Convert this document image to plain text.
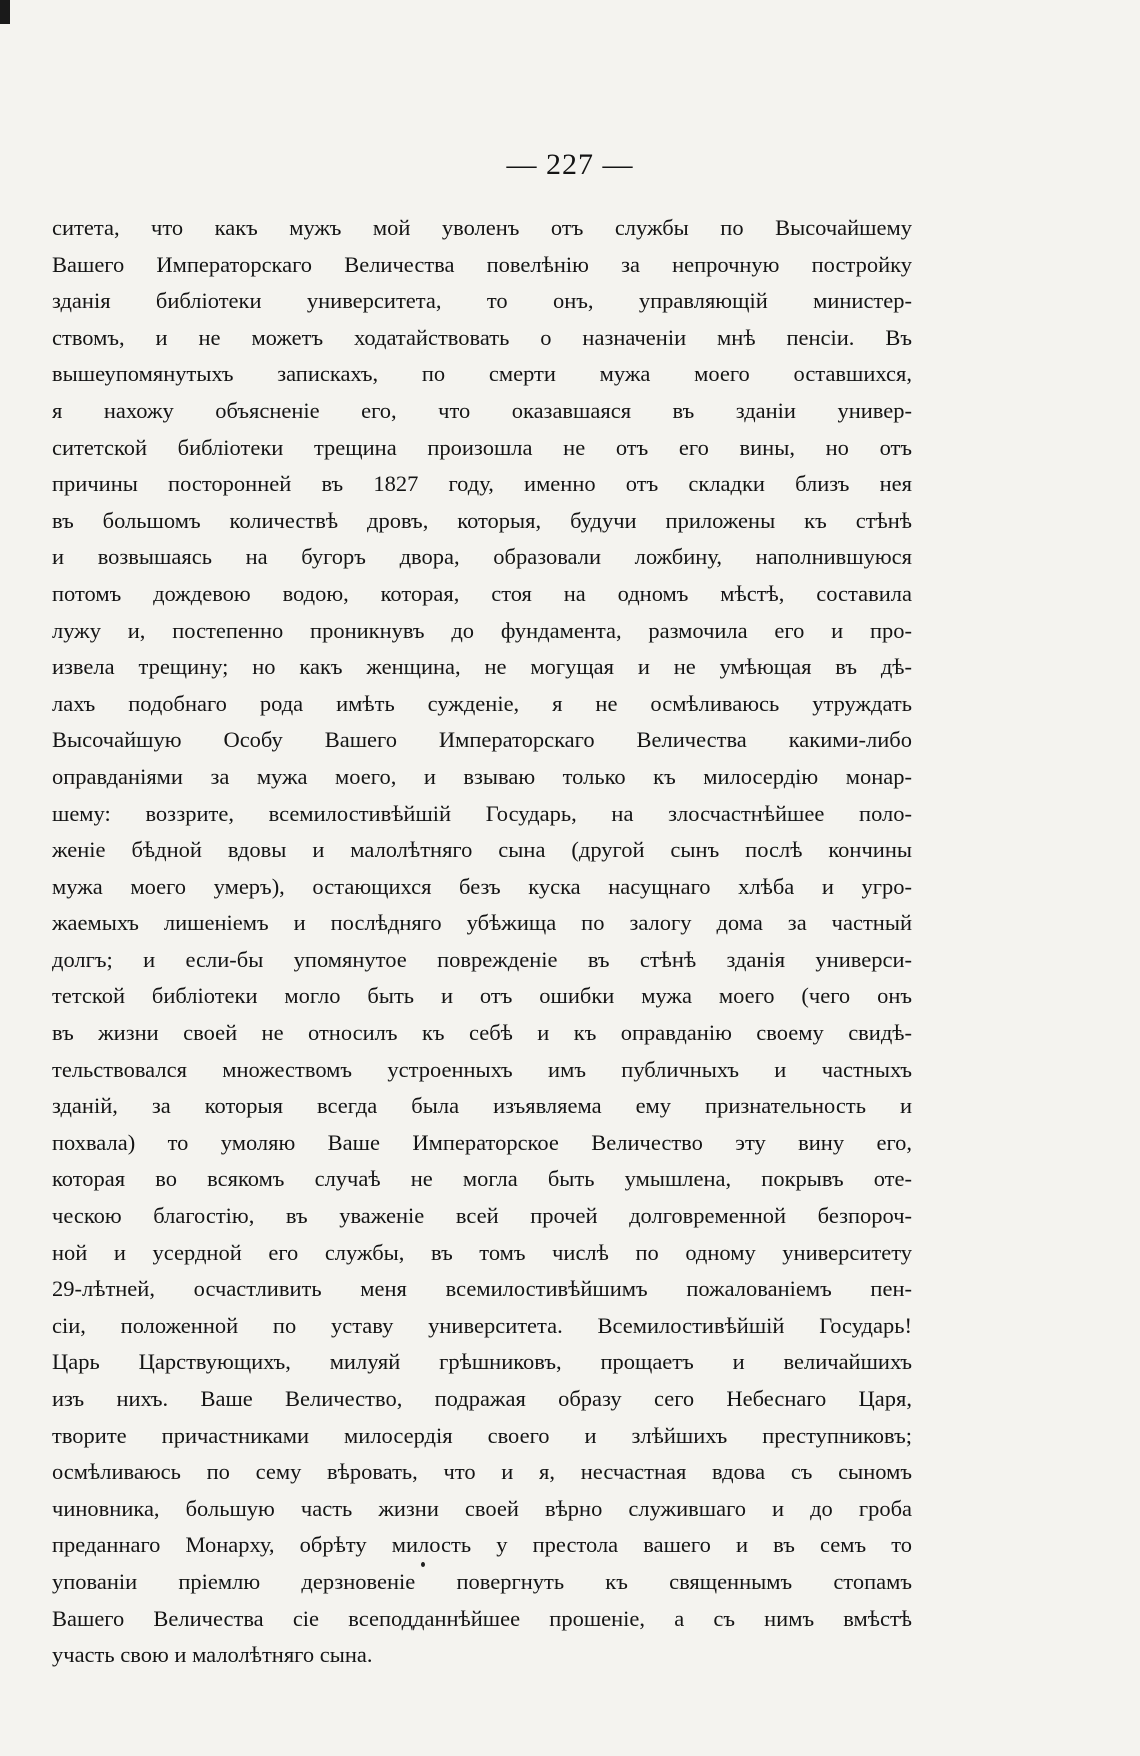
— 227 —
ситета, что какъ мужъ мой уволенъ отъ службы по Высочайшему
Вашего Императорскаго Величества повелѣнію за непрочную постройку
зданія библіотеки университета, то онъ, управляющій министер-
ствомъ, и не можетъ ходатайствовать о назначеніи мнѣ пенсіи. Въ
вышеупомянутыхъ запискахъ, по смерти мужа моего оставшихся,
я нахожу объясненіе его, что оказавшаяся въ зданіи универ-
ситетской библіотеки трещина произошла не отъ его вины, но отъ
причины посторонней въ 1827 году, именно отъ складки близъ нея
въ большомъ количествѣ дровъ, которыя, будучи приложены къ стѣнѣ
и возвышаясь на бугоръ двора, образовали ложбину, наполнившуюся
потомъ дождевою водою, которая, стоя на одномъ мѣстѣ, составила
лужу и, постепенно проникнувъ до фундамента, размочила его и про-
извела трещину; но какъ женщина, не могущая и не умѣющая въ дѣ-
лахъ подобнаго рода имѣть сужденіе, я не осмѣливаюсь утруждать
Высочайшую Особу Вашего Императорскаго Величества какими-либо
оправданіями за мужа моего, и взываю только къ милосердію монар-
шему: воззрите, всемилостивѣйшій Государь, на злосчастнѣйшее поло-
женіе бѣдной вдовы и малолѣтняго сына (другой сынъ послѣ кончины
мужа моего умеръ), остающихся безъ куска насущнаго хлѣба и угро-
жаемыхъ лишеніемъ и послѣдняго убѣжища по залогу дома за частный
долгъ; и если-бы упомянутое поврежденіе въ стѣнѣ зданія универси-
тетской библіотеки могло быть и отъ ошибки мужа моего (чего онъ
въ жизни своей не относилъ къ себѣ и къ оправданію своему свидѣ-
тельствовался множествомъ устроенныхъ имъ публичныхъ и частныхъ
зданій, за которыя всегда была изъявляема ему признательность и
похвала) то умоляю Ваше Императорское Величество эту вину его,
которая во всякомъ случаѣ не могла быть умышлена, покрывъ оте-
ческою благостію, въ уваженіе всей прочей долговременной безпороч-
ной и усердной его службы, въ томъ числѣ по одному университету
29-лѣтней, осчастливить меня всемилостивѣйшимъ пожалованіемъ пен-
сіи, положенной по уставу университета. Всемилостивѣйшій Государь!
Царь Царствующихъ, милуяй грѣшниковъ, прощаетъ и величайшихъ
изъ нихъ. Ваше Величество, подражая образу сего Небеснаго Царя,
творите причастниками милосердія своего и злѣйшихъ преступниковъ;
осмѣливаюсь по сему вѣровать, что и я, несчастная вдова съ сыномъ
чиновника, большую часть жизни своей вѣрно служившаго и до гроба
преданнаго Монарху, обрѣту милость у престола вашего и въ семъ то
упованіи пріемлю дерзновеніе повергнуть къ священнымъ стопамъ
Вашего Величества сіе всеподданнѣйшее прошеніе, а съ нимъ вмѣстѣ
участь свою и малолѣтняго сына.
